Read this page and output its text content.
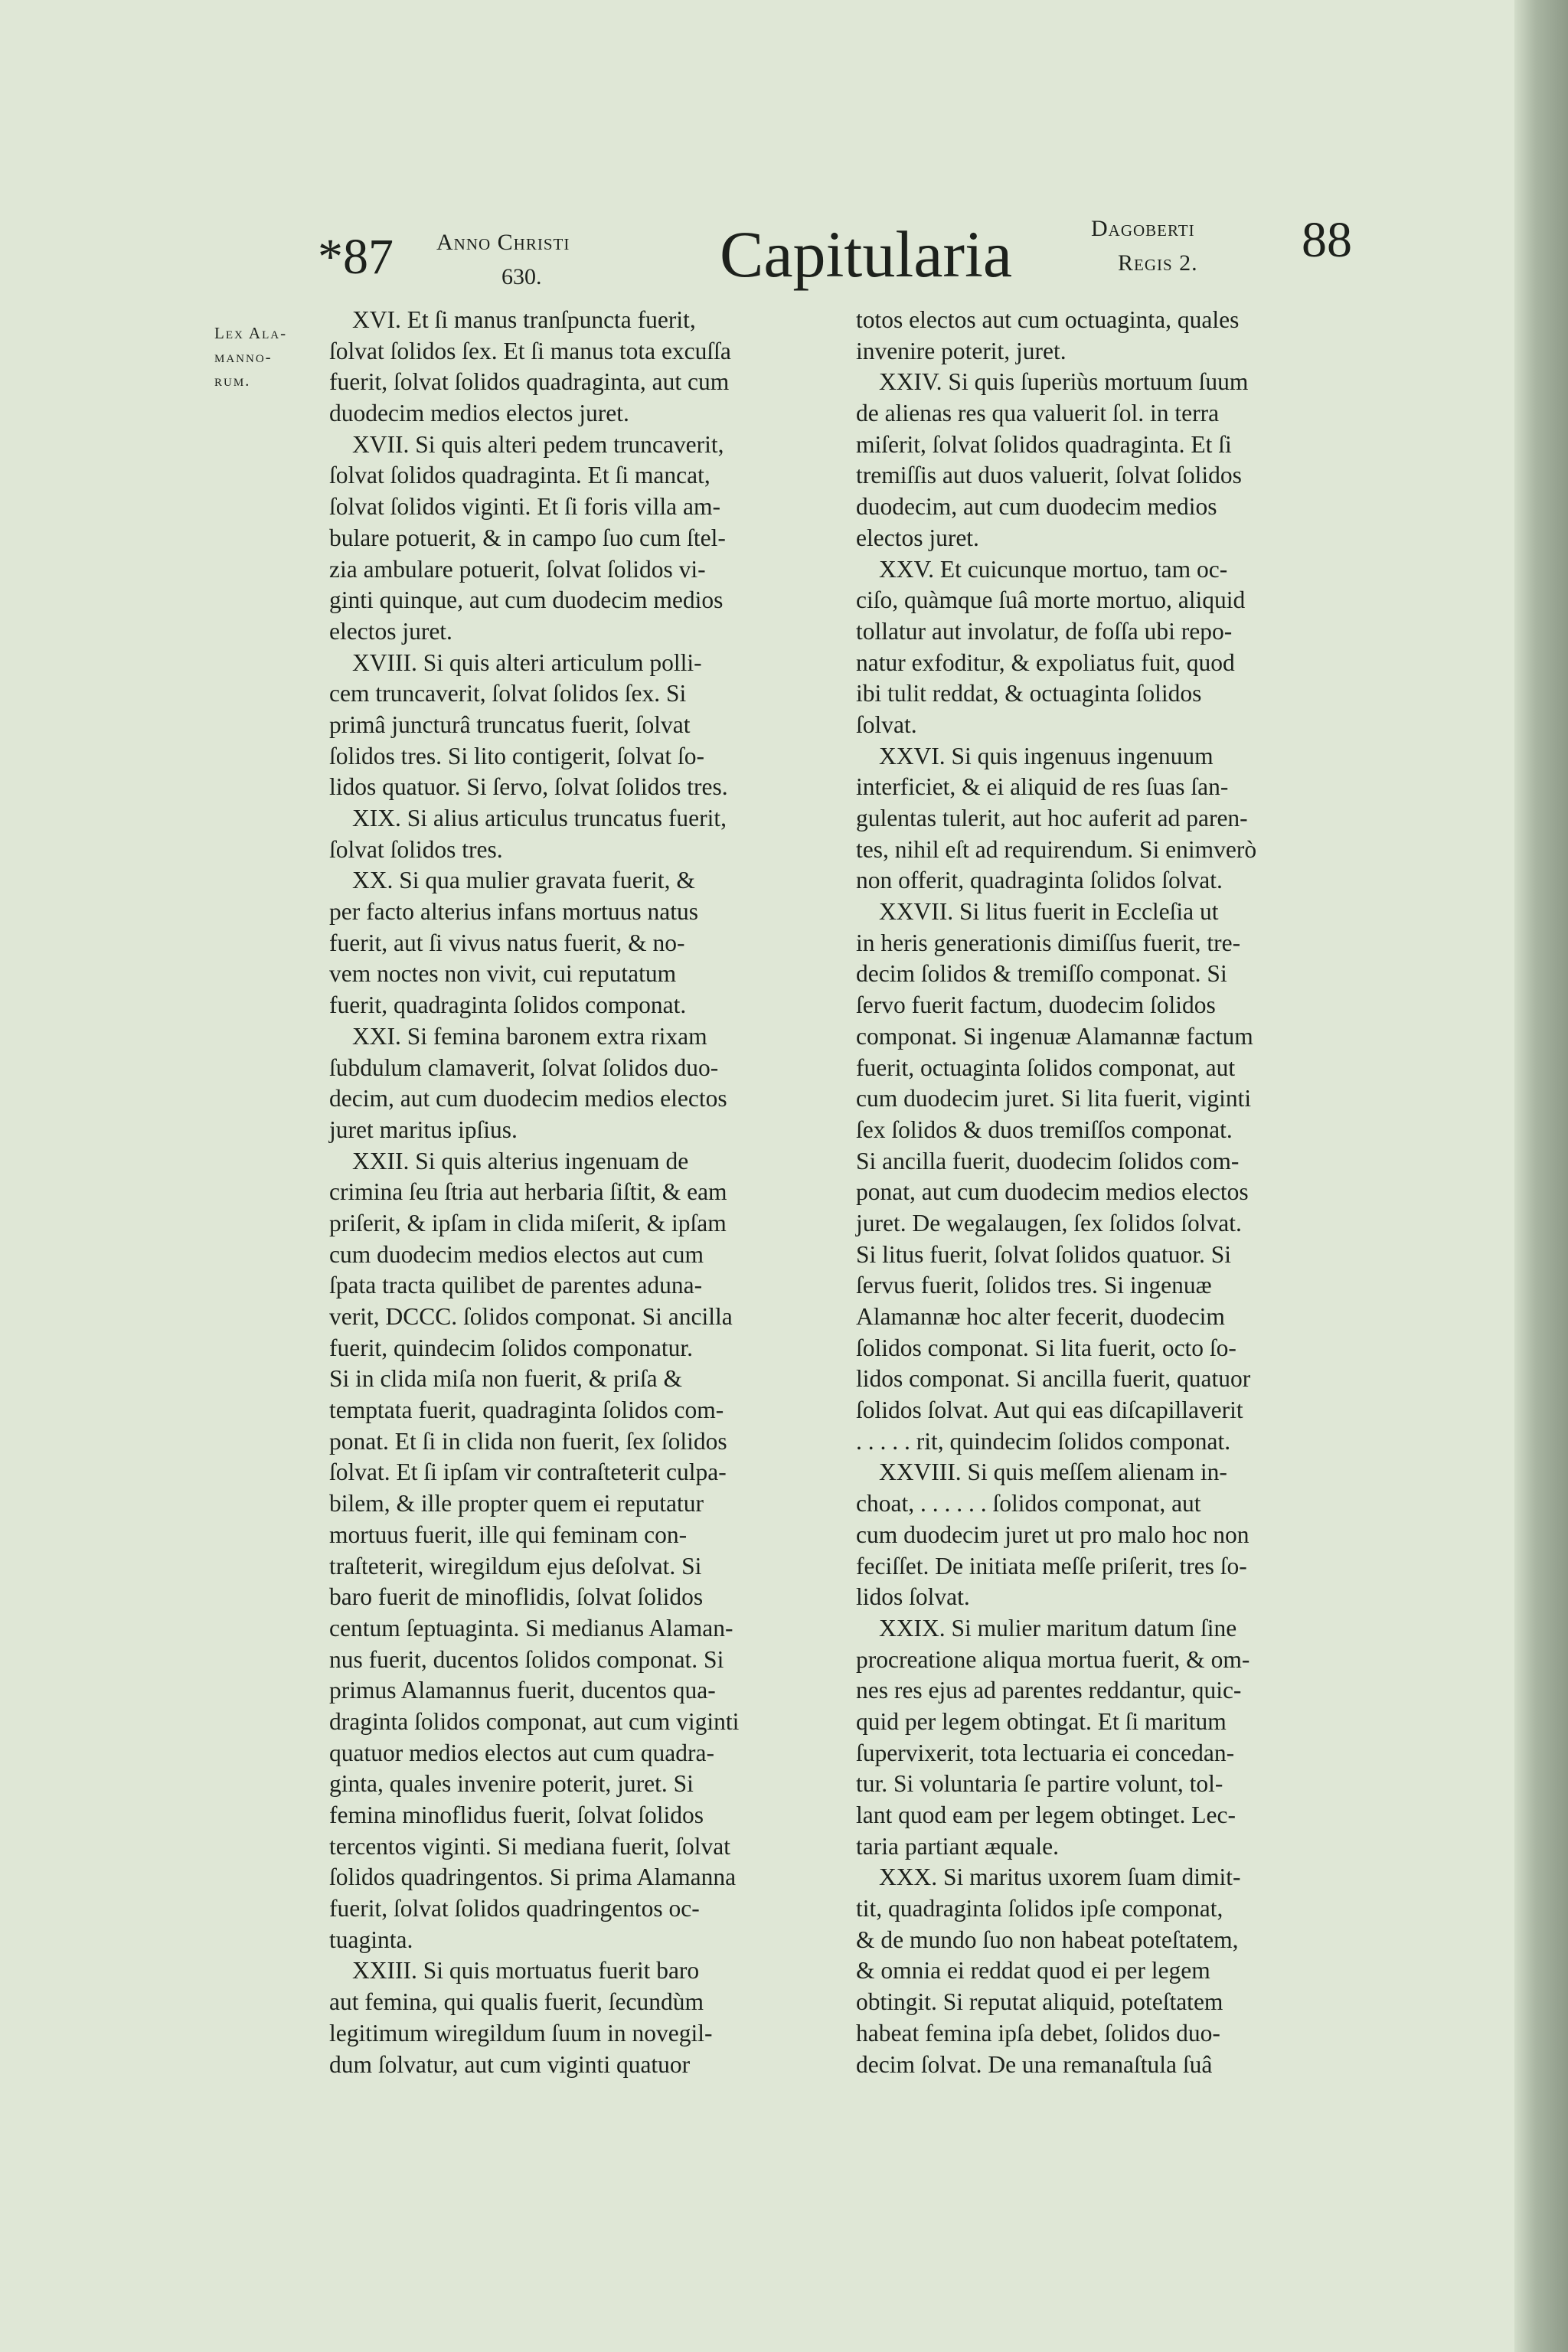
*87 Anno Christi
630.	Capitularia	Dagoberti
Regis 2. 88
Lex Ala-
manno-
rum.
XVI. Et ſi manus tranſpuncta fuerit,
ſolvat ſolidos ſex. Et ſi manus tota excuſſa
fuerit, ſolvat ſolidos quadraginta, aut cum
duodecim medios electos juret.
XVII. Si quis alteri pedem truncaverit,
ſolvat ſolidos quadraginta. Et ſi mancat,
ſolvat ſolidos viginti. Et ſi foris villa am-
bulare potuerit, & in campo ſuo cum ſtel-
zia ambulare potuerit, ſolvat ſolidos vi-
ginti quinque, aut cum duodecim medios
electos juret.
XVIII. Si quis alteri articulum polli-
cem truncaverit, ſolvat ſolidos ſex. Si
primâ juncturâ truncatus fuerit, ſolvat
ſolidos tres. Si lito contigerit, ſolvat ſo-
lidos quatuor. Si ſervo, ſolvat ſolidos tres.
XIX. Si alius articulus truncatus fuerit,
ſolvat ſolidos tres.
XX. Si qua mulier gravata fuerit, &
per facto alterius infans mortuus natus
fuerit, aut ſi vivus natus fuerit, & no-
vem noctes non vivit, cui reputatum
fuerit, quadraginta ſolidos componat.
XXI. Si femina baronem extra rixam
ſubdulum clamaverit, ſolvat ſolidos duo-
decim, aut cum duodecim medios electos
juret maritus ipſius.
XXII. Si quis alterius ingenuam de
crimina ſeu ſtria aut herbaria ſiſtit, & eam
priſerit, & ipſam in clida miſerit, & ipſam
cum duodecim medios electos aut cum
ſpata tracta quilibet de parentes aduna-
verit, DCCC. ſolidos componat. Si ancilla
fuerit, quindecim ſolidos componatur.
Si in clida miſa non fuerit, & priſa &
temptata fuerit, quadraginta ſolidos com-
ponat. Et ſi in clida non fuerit, ſex ſolidos
ſolvat. Et ſi ipſam vir contraſteterit culpa-
bilem, & ille propter quem ei reputatur
mortuus fuerit, ille qui feminam con-
traſteterit, wiregildum ejus deſolvat. Si
baro fuerit de minoflidis, ſolvat ſolidos
centum ſeptuaginta. Si medianus Alaman-
nus fuerit, ducentos ſolidos componat. Si
primus Alamannus fuerit, ducentos qua-
draginta ſolidos componat, aut cum viginti
quatuor medios electos aut cum quadra-
ginta, quales invenire poterit, juret. Si
femina minoflidus fuerit, ſolvat ſolidos
tercentos viginti. Si mediana fuerit, ſolvat
ſolidos quadringentos. Si prima Alamanna
fuerit, ſolvat ſolidos quadringentos oc-
tuaginta.
XXIII. Si quis mortuatus fuerit baro
aut femina, qui qualis fuerit, ſecundùm
legitimum wiregildum ſuum in novegil-
dum ſolvatur, aut cum viginti quatuor
totos electos aut cum octuaginta, quales
invenire poterit, juret.
XXIV. Si quis ſuperiùs mortuum ſuum
de alienas res qua valuerit ſol. in terra
miſerit, ſolvat ſolidos quadraginta. Et ſi
tremiſſis aut duos valuerit, ſolvat ſolidos
duodecim, aut cum duodecim medios
electos juret.
XXV. Et cuicunque mortuo, tam oc-
ciſo, quàmque ſuâ morte mortuo, aliquid
tollatur aut involatur, de foſſa ubi repo-
natur exfoditur, & expoliatus fuit, quod
ibi tulit reddat, & octuaginta ſolidos
ſolvat.
XXVI. Si quis ingenuus ingenuum
interficiet, & ei aliquid de res ſuas ſan-
gulentas tulerit, aut hoc auferit ad paren-
tes, nihil eſt ad requirendum. Si enimverò
non offerit, quadraginta ſolidos ſolvat.
XXVII. Si litus fuerit in Eccleſia ut
in heris generationis dimiſſus fuerit, tre-
decim ſolidos & tremiſſo componat. Si
ſervo fuerit factum, duodecim ſolidos
componat. Si ingenuæ Alamannæ factum
fuerit, octuaginta ſolidos componat, aut
cum duodecim juret. Si lita fuerit, viginti
ſex ſolidos & duos tremiſſos componat.
Si ancilla fuerit, duodecim ſolidos com-
ponat, aut cum duodecim medios electos
juret. De wegalaugen, ſex ſolidos ſolvat.
Si litus fuerit, ſolvat ſolidos quatuor. Si
ſervus fuerit, ſolidos tres. Si ingenuæ
Alamannæ hoc alter fecerit, duodecim
ſolidos componat. Si lita fuerit, octo ſo-
lidos componat. Si ancilla fuerit, quatuor
ſolidos ſolvat. Aut qui eas diſcapillaverit
. . . . . rit, quindecim ſolidos componat.
XXVIII. Si quis meſſem alienam in-
choat, . . . . . . ſolidos componat, aut
cum duodecim juret ut pro malo hoc non
feciſſet. De initiata meſſe priſerit, tres ſo-
lidos ſolvat.
XXIX. Si mulier maritum datum ſine
procreatione aliqua mortua fuerit, & om-
nes res ejus ad parentes reddantur, quic-
quid per legem obtingat. Et ſi maritum
ſupervixerit, tota lectuaria ei concedan-
tur. Si voluntaria ſe partire volunt, tol-
lant quod eam per legem obtinget. Lec-
taria partiant æquale.
XXX. Si maritus uxorem ſuam dimit-
tit, quadraginta ſolidos ipſe componat,
& de mundo ſuo non habeat poteſtatem,
& omnia ei reddat quod ei per legem
obtingit. Si reputat aliquid, poteſtatem
habeat femina ipſa debet, ſolidos duo-
decim ſolvat. De una remanaſtula ſuâ
